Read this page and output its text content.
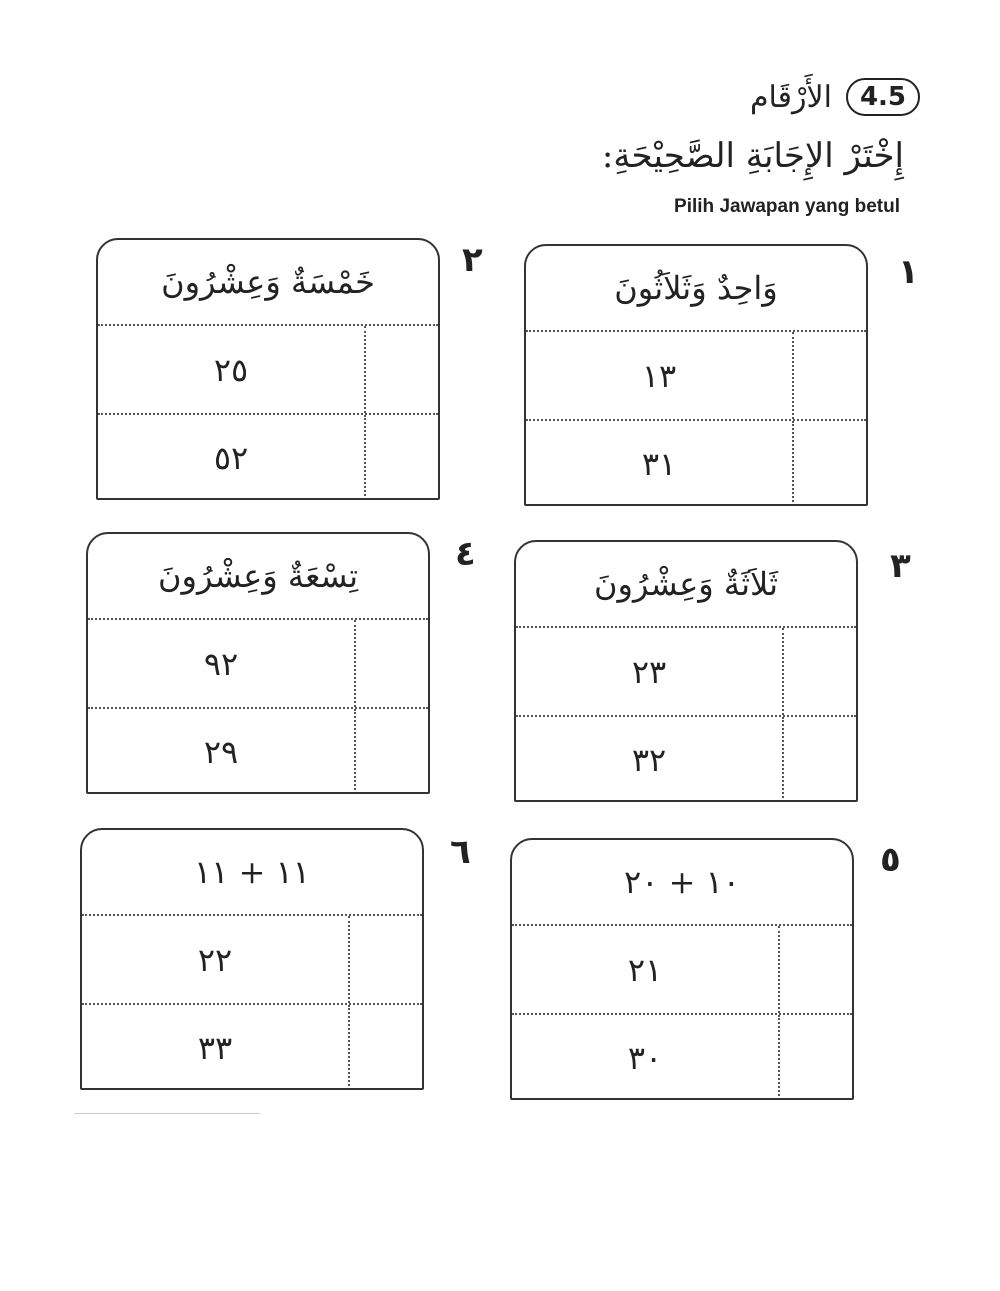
الأَرْقَام	4.5
إِخْتَرْ الإِجَابَةِ الصَّحِيْحَةِ:
Pilih Jawapan yang betul
١
وَاحِدٌ وَثَلاَثُونَ
١٣
٣١
٢
خَمْسَةٌ وَعِشْرُونَ
٢٥
٥٢
٣
ثَلاَثَةٌ وَعِشْرُونَ
٢٣
٣٢
٤
تِسْعَةٌ وَعِشْرُونَ
٩٢
٢٩
٥
١٠ + ٢٠
٢١
٣٠
٦
١١ + ١١
٢٢
٣٣
